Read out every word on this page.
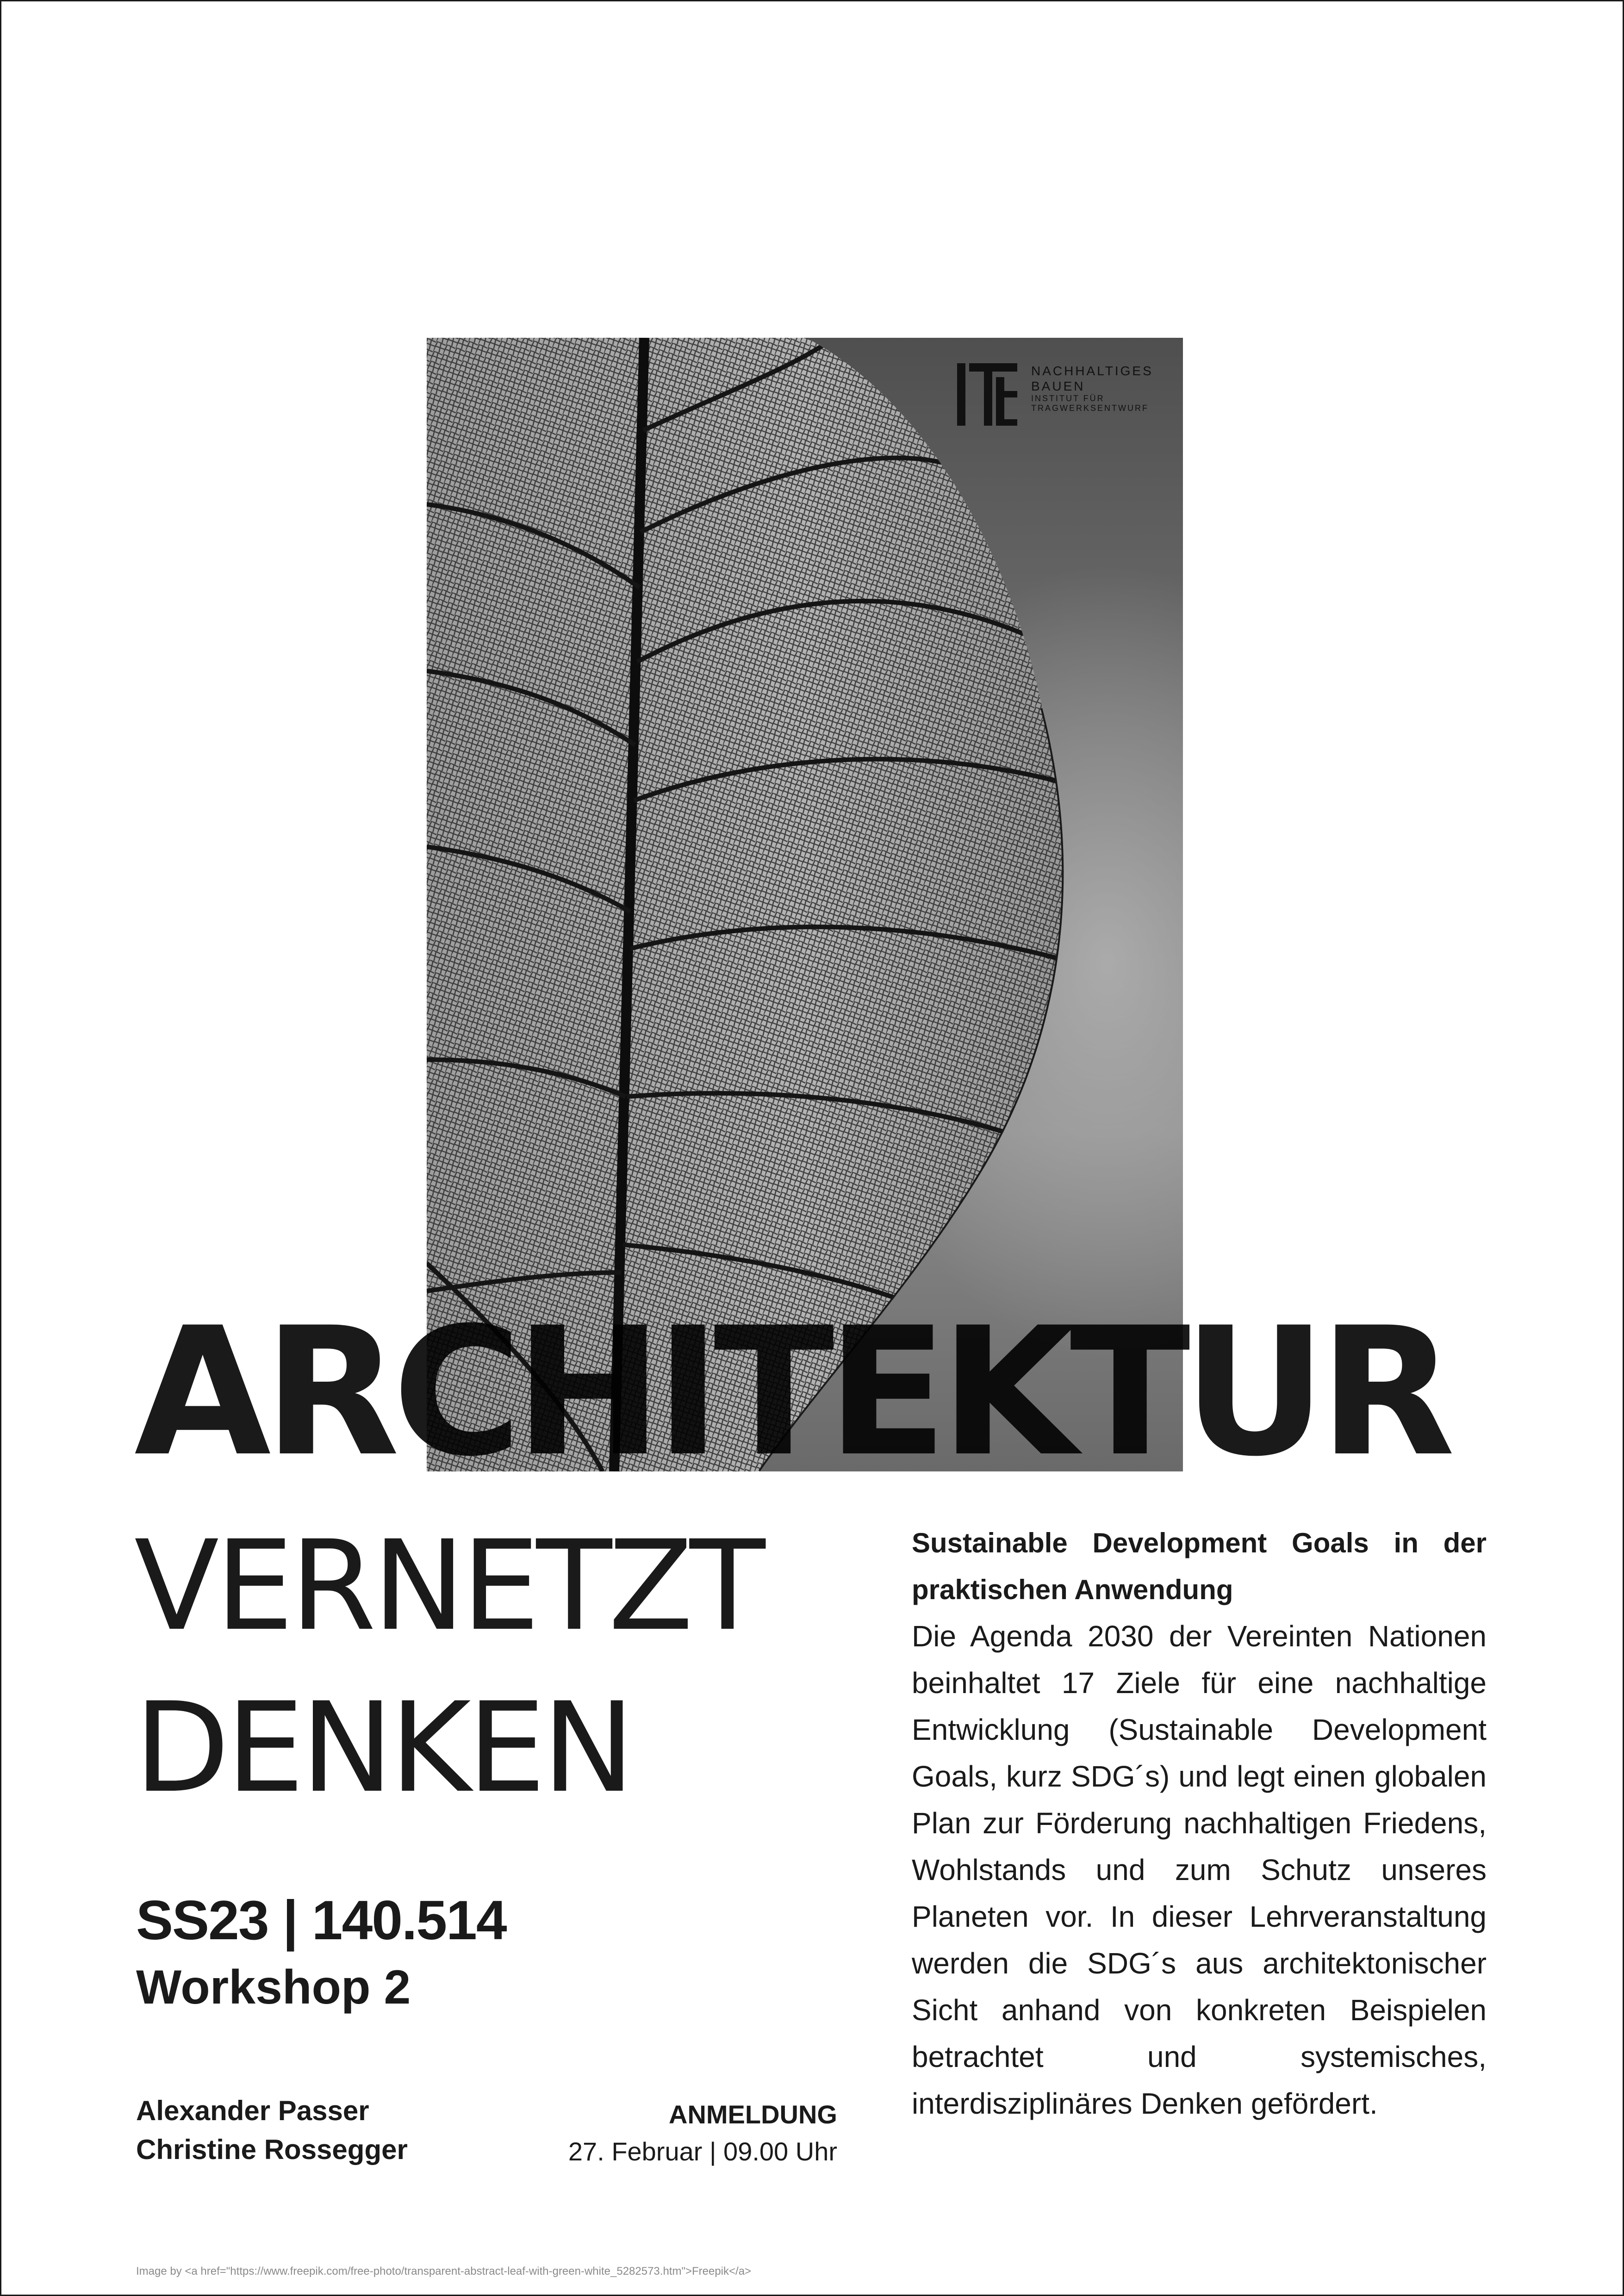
NACHHALTIGES
BAUEN
INSTITUT FÜR
TRAGWERKSENTWURF
ARCHITEKTUR
VERNETZT
DENKEN
SS23 | 140.514
Workshop 2
Alexander Passer
Christine Rossegger
ANMELDUNG
27. Februar | 09.00 Uhr
Sustainable Development Goals in der praktischen Anwendung
Die Agenda 2030 der Vereinten Nationen beinhaltet 17 Ziele für eine nachhaltige Entwicklung (Sustainable Development Goals, kurz SDG´s) und legt einen globalen Plan zur Förderung nachhaltigen Friedens, Wohlstands und zum Schutz unseres Planeten vor. In dieser Lehrveranstaltung werden die SDG´s aus architektonischer Sicht anhand von konkreten Beispielen betrachtet und systemisches, interdisziplinäres Denken gefördert.
Image by <a href="https://www.freepik.com/free-photo/transparent-abstract-leaf-with-green-white_5282573.htm">Freepik</a>
